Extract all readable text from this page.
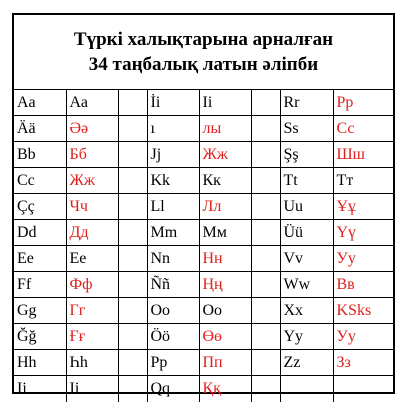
Түркі халықтарына арналған
34 таңбалық латын әліпби
Aa	Аа		İi	Ii		Rr	Рр
Ää	Әә		ı	лы		Ss	Сс
Bb	Бб		Jj	Жж		Şş	Шш
Cc	Жж		Kk	Кк		Tt	Тт
Çç	Чч		Ll	Лл		Uu	Ұұ
Dd	Дд		Mm	Мм		Üü	Үү
Ee	Ее		Nn	Нн		Vv	Уу
Ff	Фф		Ññ	Ңң		Ww	Вв
Gg	Гг		Oo	Оо		Xx	KSks
Ğğ	Ғғ		Öö	Өө		Yy	Уу
Hh	Һh		Pp	Пп		Zz	Зз
Ii	Іі		Qq	Ққ			
